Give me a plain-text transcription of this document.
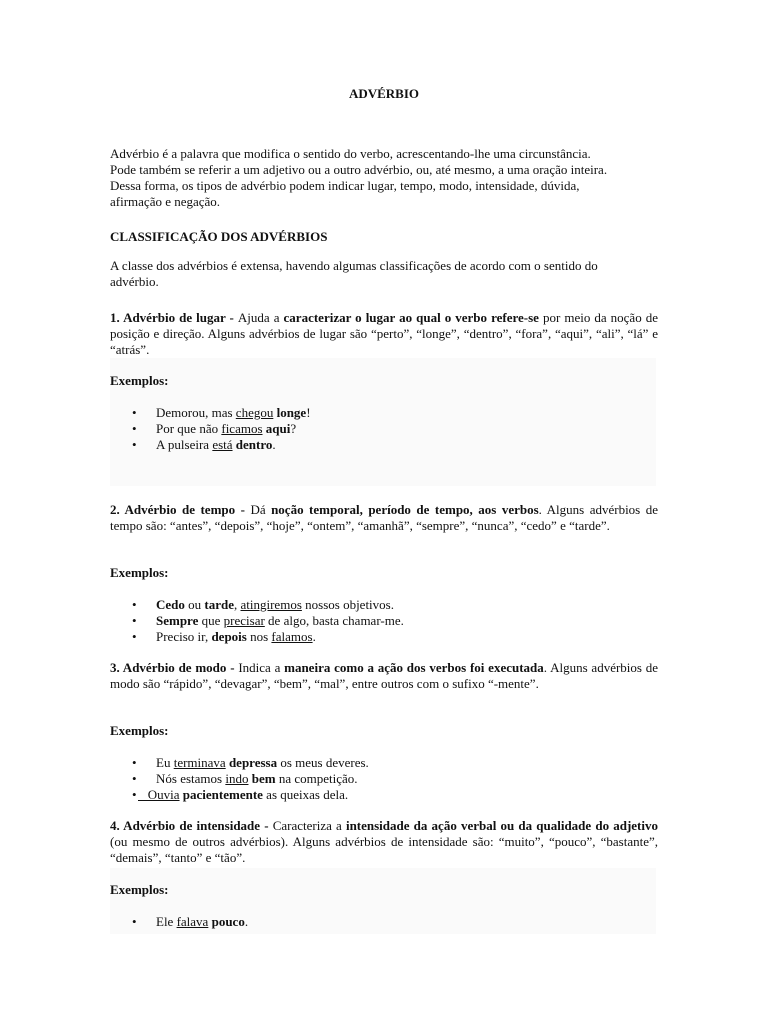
ADVÉRBIO
Advérbio é a palavra que modifica o sentido do verbo, acrescentando-lhe uma circunstância.
Pode também se referir a um adjetivo ou a outro advérbio, ou, até mesmo, a uma oração inteira.
Dessa forma, os tipos de advérbio podem indicar lugar, tempo, modo, intensidade, dúvida,
afirmação e negação.
CLASSIFICAÇÃO DOS ADVÉRBIOS
A classe dos advérbios é extensa, havendo algumas classificações de acordo com o sentido do
advérbio.
1. Advérbio de lugar - Ajuda a caracterizar o lugar ao qual o verbo refere-se por meio da noção de posição e direção. Alguns advérbios de lugar são “perto”, “longe”, “dentro”, “fora”, “aqui”, “ali”, “lá” e “atrás”.
Exemplos:
• Demorou, mas chegou longe!
• Por que não ficamos aqui?
• A pulseira está dentro.
2. Advérbio de tempo - Dá noção temporal, período de tempo, aos verbos. Alguns advérbios de tempo são: “antes”, “depois”, “hoje”, “ontem”, “amanhã”, “sempre”, “nunca”, “cedo” e “tarde”.
Exemplos:
• Cedo ou tarde, atingiremos nossos objetivos.
• Sempre que precisar de algo, basta chamar-me.
• Preciso ir, depois nos falamos.
3. Advérbio de modo - Indica a maneira como a ação dos verbos foi executada. Alguns advérbios de modo são “rápido”, “devagar”, “bem”, “mal”, entre outros com o sufixo “-mente”.
Exemplos:
• Eu terminava depressa os meus deveres.
• Nós estamos indo bem na competição.
• Ouvia pacientemente as queixas dela.
4. Advérbio de intensidade - Caracteriza a intensidade da ação verbal ou da qualidade do adjetivo (ou mesmo de outros advérbios). Alguns advérbios de intensidade são: “muito”, “pouco”, “bastante”, “demais”, “tanto” e “tão”.
Exemplos:
• Ele falava pouco.
